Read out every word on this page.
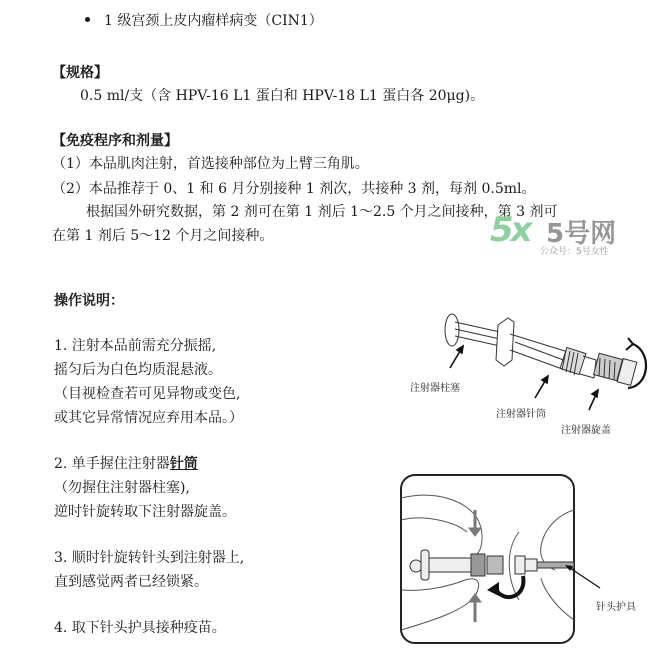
1 级宫颈上皮内瘤样病变（CIN1）
【规格】
0.5 ml/支（含 HPV-16 L1 蛋白和 HPV-18 L1 蛋白各 20μg)。
【免疫程序和剂量】
（1）本品肌肉注射，首选接种部位为上臂三角肌。
（2）本品推荐于 0、1 和 6 月分别接种 1 剂次，共接种 3 剂，每剂 0.5ml。
根据国外研究数据，第 2 剂可在第 1 剂后 1～2.5 个月之间接种，第 3 剂可
在第 1 剂后 5～12 个月之间接种。	5x 5号网
公众号：5号女性
操作说明：
1. 注射本品前需充分振摇,
摇匀后为白色均质混悬液。
（目视检查若可见异物或变色,
或其它异常情况应弃用本品。）
2. 单手握住注射器针筒
（勿握住注射器柱塞),
逆时针旋转取下注射器旋盖。
3. 顺时针旋转针头到注射器上,
直到感觉两者已经锁紧。
4. 取下针头护具接种疫苗。
注射器柱塞
注射器针筒
注射器旋盖
针头护具
